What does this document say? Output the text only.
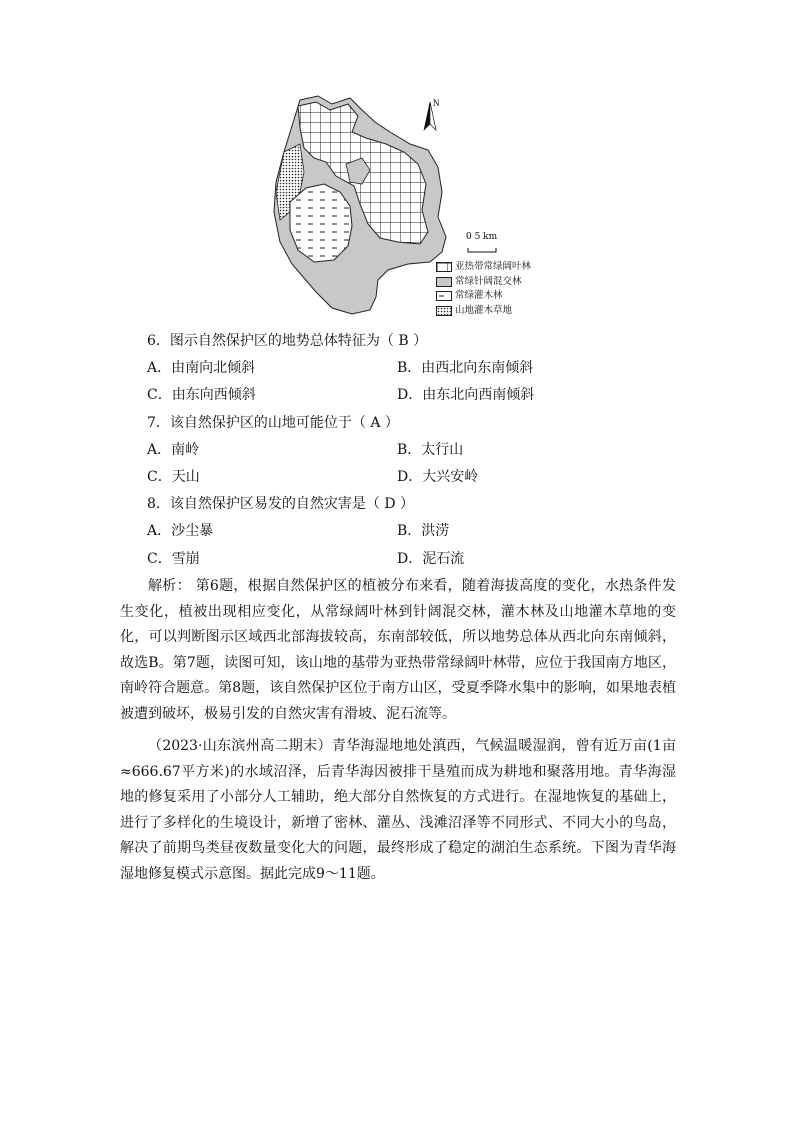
N
0 5 km
亚热带常绿阔叶林
常绿针阔混交林
常绿灌木林
山地灌木草地
6．图示自然保护区的地势总体特征为（ B ）
A．由南向北倾斜	B．由西北向东南倾斜
C．由东向西倾斜	D．由东北向西南倾斜
7．该自然保护区的山地可能位于（ A ）
A．南岭	B．太行山
C．天山	D．大兴安岭
8．该自然保护区易发的自然灾害是（ D ）
A．沙尘暴	B．洪涝
C．雪崩	D．泥石流
解析： 第6题，根据自然保护区的植被分布来看，随着海拔高度的变化，水热条件发生变化，植被出现相应变化，从常绿阔叶林到针阔混交林，灌木林及山地灌木草地的变化，可以判断图示区域西北部海拔较高，东南部较低，所以地势总体从西北向东南倾斜，故选B。第7题，读图可知，该山地的基带为亚热带常绿阔叶林带，应位于我国南方地区，南岭符合题意。第8题，该自然保护区位于南方山区，受夏季降水集中的影响，如果地表植被遭到破坏，极易引发的自然灾害有滑坡、泥石流等。
（2023·山东滨州高二期末）青华海湿地地处滇西，气候温暖湿润，曾有近万亩(1亩≈666.67平方米)的水域沼泽，后青华海因被排干垦殖而成为耕地和聚落用地。青华海湿地的修复采用了小部分人工辅助，绝大部分自然恢复的方式进行。在湿地恢复的基础上，进行了多样化的生境设计，新增了密林、灌丛、浅滩沼泽等不同形式、不同大小的鸟岛，解决了前期鸟类昼夜数量变化大的问题，最终形成了稳定的湖泊生态系统。下图为青华海湿地修复模式示意图。据此完成9～11题。
